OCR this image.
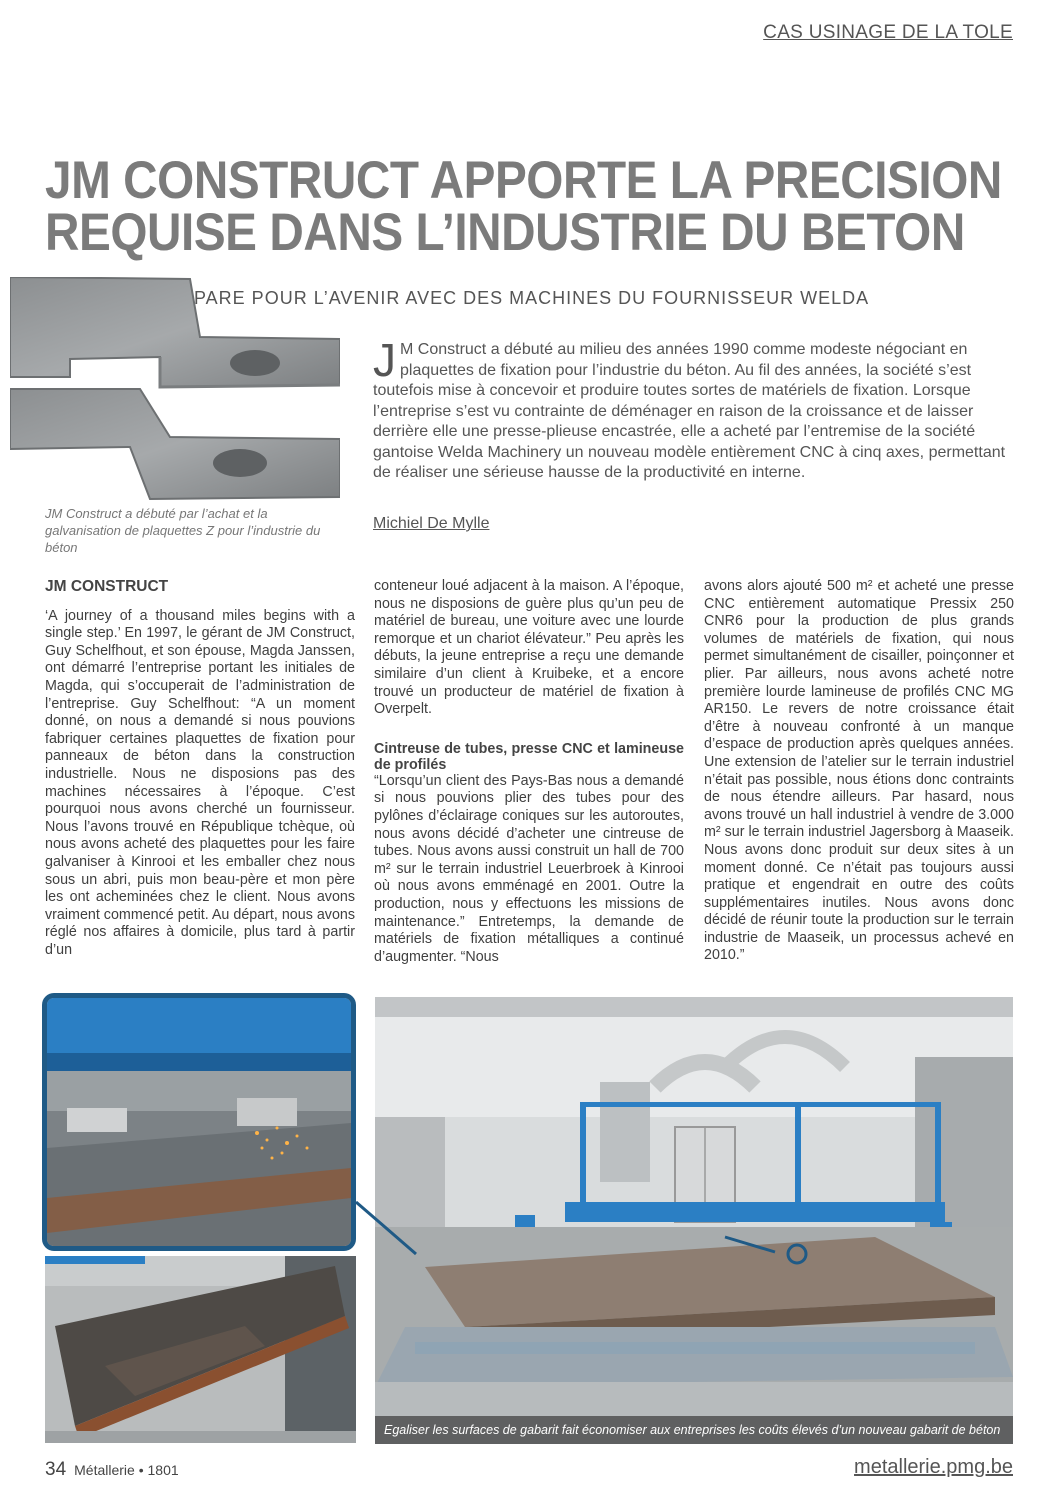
CAS USINAGE DE LA TOLE
JM CONSTRUCT APPORTE LA PRECISION
REQUISE DANS L’INDUSTRIE DU BETON
PARE POUR L’AVENIR AVEC DES MACHINES DU FOURNISSEUR WELDA
JM Construct a débuté par l’achat et la galvanisation de plaquettes Z pour l’industrie du béton
J M Construct a débuté au milieu des années 1990 comme modeste négociant en plaquettes de fixation pour l’industrie du béton. Au fil des années, la société s’est toutefois mise à concevoir et produire toutes sortes de matériels de fixation. Lorsque l’entreprise s’est vu contrainte de déménager en raison de la croissance et de laisser derrière elle une presse-plieuse encastrée, elle a acheté par l’entremise de la société gantoise Welda Machinery un nouveau modèle entièrement CNC à cinq axes, permettant de réaliser une sérieuse hausse de la productivité en interne.
Michiel De Mylle
JM CONSTRUCT

‘A journey of a thousand miles begins with a single step.’ En 1997, le gérant de JM Construct, Guy Schelfhout, et son épouse, Magda Janssen, ont démarré l’entreprise portant les initiales de Magda, qui s’occuperait de l’administration de l’entreprise. Guy Schelfhout: “A un moment donné, on nous a demandé si nous pouvions fabriquer certaines plaquettes de fixation pour panneaux de béton dans la construction industrielle. Nous ne disposions pas des machines nécessaires à l’époque. C’est pourquoi nous avons cherché un fournisseur. Nous l’avons trouvé en République tchèque, où nous avons acheté des plaquettes pour les faire galvaniser à Kinrooi et les emballer chez nous sous un abri, puis mon beau-père et mon père les ont acheminées chez le client. Nous avons vraiment commencé petit. Au départ, nous avons réglé nos affaires à domicile, plus tard à partir d’un

conteneur loué adjacent à la maison. A l’époque, nous ne disposions de guère plus qu’un peu de matériel de bureau, une voiture avec une lourde remorque et un chariot élévateur.” Peu après les débuts, la jeune entreprise a reçu une demande similaire d’un client à Kruibeke, et a encore trouvé un producteur de matériel de fixation à Overpelt.

Cintreuse de tubes, presse CNC et lamineuse de profilés

“Lorsqu’un client des Pays-Bas nous a demandé si nous pouvions plier des tubes pour des pylônes d’éclairage coniques sur les autoroutes, nous avons décidé d’acheter une cintreuse de tubes. Nous avons aussi construit un hall de 700 m² sur le terrain industriel Leuerbroek à Kinrooi où nous avons emménagé en 2001. Outre la production, nous y effectuons les missions de maintenance.” Entretemps, la demande de matériels de fixation métalliques a continué d’augmenter. “Nous

avons alors ajouté 500 m² et acheté une presse CNC entièrement automatique Pressix 250 CNR6 pour la production de plus grands volumes de matériels de fixation, qui nous permet simultanément de cisailler, poinçonner et plier. Par ailleurs, nous avons acheté notre première lourde lamineuse de profilés CNC MG AR150. Le revers de notre croissance était d’être à nouveau confronté à un manque d’espace de production après quelques années. Une extension de l’atelier sur le terrain industriel n’était pas possible, nous étions donc contraints de nous étendre ailleurs. Par hasard, nous avons trouvé un hall industriel à vendre de 3.000 m² sur le terrain industriel Jagersborg à Maaseik. Nous avons donc produit sur deux sites à un moment donné. Ce n’était pas toujours aussi pratique et engendrait en outre des coûts supplémentaires inutiles. Nous avons donc décidé de réunir toute la production sur le terrain industrie de Maaseik, un processus achevé en 2010.”

Egaliser les surfaces de gabarit fait économiser aux entreprises les coûts élevés d’un nouveau gabarit de béton
34 Métallerie • 1801	metallerie.pmg.be
